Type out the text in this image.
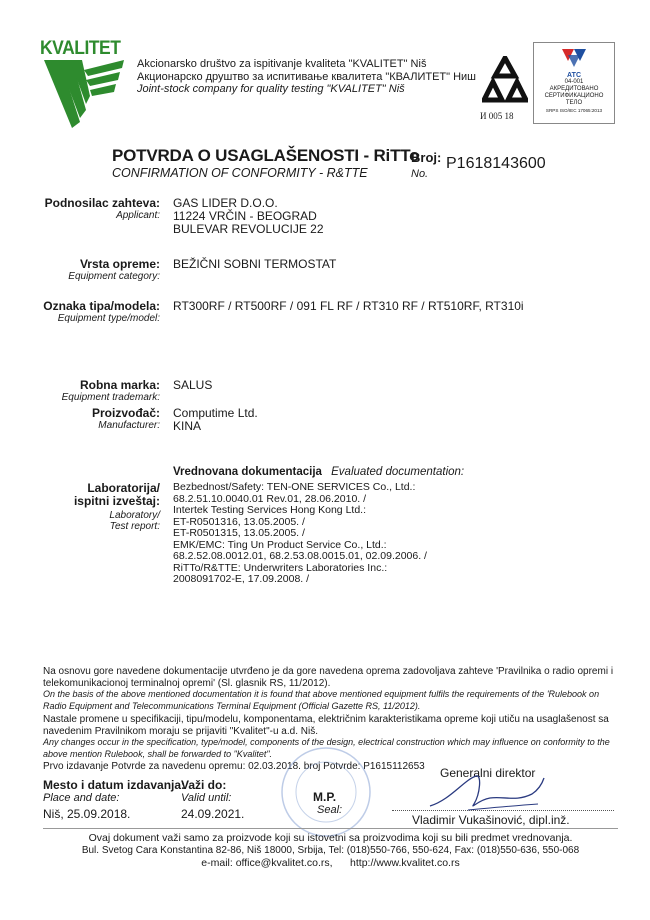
KVALITET
Akcionarsko društvo za ispitivanje kvaliteta "KVALITET" Niš
Акционарско друштво за испитивање квалитета "КВАЛИТЕТ" Ниш
Joint-stock company for quality testing "KVALITET" Niš
И 005 18
АТС
04-001
АКРЕДИТОВАНО
СЕРТИФИКАЦИОНО
ТЕЛО
SRPS ISO/IEC 17065:2013
POTVRDA O USAGLAŠENOSTI - RiTTo
CONFIRMATION OF CONFORMITY - R&TTE
Broj:
No.
P1618143600
Podnosilac zahteva:
Applicant:
GAS LIDER D.O.O.
11224 VRČIN - BEOGRAD
BULEVAR REVOLUCIJE 22
Vrsta opreme:
Equipment category:
BEŽIČNI SOBNI TERMOSTAT
Oznaka tipa/modela:
Equipment type/model:
RT300RF / RT500RF / 091 FL RF / RT310 RF / RT510RF, RT310i
Robna marka:
Equipment trademark:
SALUS
Proizvođač:
Manufacturer:
Computime Ltd.
KINA
Vrednovana dokumentacija Evaluated documentation:
Laboratorija/
ispitni izveštaj:
Laboratory/
Test report:
Bezbednost/Safety: TEN-ONE SERVICES Co., Ltd.:
68.2.51.10.0040.01 Rev.01, 28.06.2010. /
Intertek Testing Services Hong Kong Ltd.:
ET-R0501316, 13.05.2005. /
ET-R0501315, 13.05.2005. /
EMK/EMC: Ting Un Product Service Co., Ltd.:
68.2.52.08.0012.01, 68.2.53.08.0015.01, 02.09.2006. /
RiTTo/R&TTE: Underwriters Laboratories Inc.:
2008091702-E, 17.09.2008. /
Na osnovu gore navedene dokumentacije utvrđeno je da gore navedena oprema zadovoljava zahteve 'Pravilnika o radio opremi i telekomunikacionoj terminalnoj opremi' (Sl. glasnik RS, 11/2012).
On the basis of the above mentioned documentation it is found that above mentioned equipment fulfils the requirements of the 'Rulebook on Radio Equipment and Telecommunications Terminal Equipment (Official Gazette RS, 11/2012).
Nastale promene u specifikaciji, tipu/modelu, komponentama, električnim karakteristikama opreme koji utiču na usaglašenost sa navedenim Pravilnikom moraju se prijaviti "Kvalitet"-u a.d. Niš.
Any changes occur in the specification, type/model, components of the design, electrical construction which may influence on conformity to the above mention Rulebook, shall be forwarded to "Kvalitet".
Prvo izdavanje Potvrde za navedenu opremu: 02.03.2018. broj Potvrde: P1615112653
Mesto i datum izdavanja:
Place and date:
Niš, 25.09.2018.
Važi do:
Valid until:
24.09.2021.
M.P.
Seal:
Generalni direktor
Vladimir Vukašinović, dipl.inž.
Ovaj dokument važi samo za proizvode koji su istovetni sa proizvodima koji su bili predmet vrednovanja.
Bul. Svetog Cara Konstantina 82-86, Niš 18000, Srbija, Tel: (018)550-766, 550-624, Fax: (018)550-636, 550-068
e-mail: office@kvalitet.co.rs,      http://www.kvalitet.co.rs
